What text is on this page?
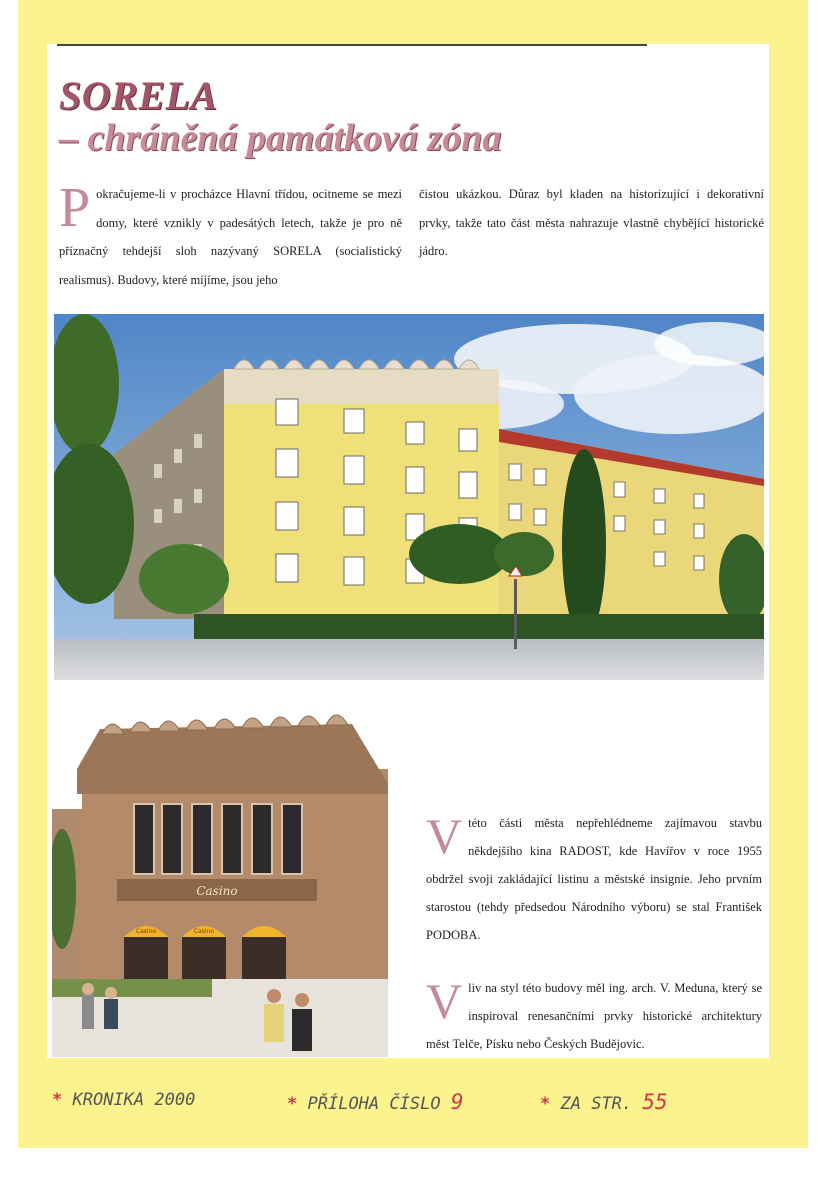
SORELA
– chráněná památková zóna
P okračujeme-li v procházce Hlavní třídou, ocitneme se mezi domy, které vznikly v padesátých letech, takže je pro ně příznačný tehdejší sloh nazývaný SORELA (socialistický realismus). Budovy, které míjíme, jsou jeho
čistou ukázkou. Důraz byl kladen na historizující i dekorativní prvky, takže tato část města nahrazuje vlastně chybějící historické jádro.
Casino
Casino	Casino
V této části města nepřehlédneme zajímavou stavbu někdejšího kina RADOST, kde Havířov v roce 1955 obdržel svoji zakládající listinu a městské insignie. Jeho prvním starostou (tehdy předsedou Národního výboru) se stal František PODOBA.
V liv na styl této budovy měl ing. arch. V. Meduna, který se inspiroval renesančními prvky historické architektury měst Telče, Písku nebo Českých Budějovic.
* KRONIKA 2000	* PŘÍLOHA ČÍSLO 9	* ZA STR. 55
